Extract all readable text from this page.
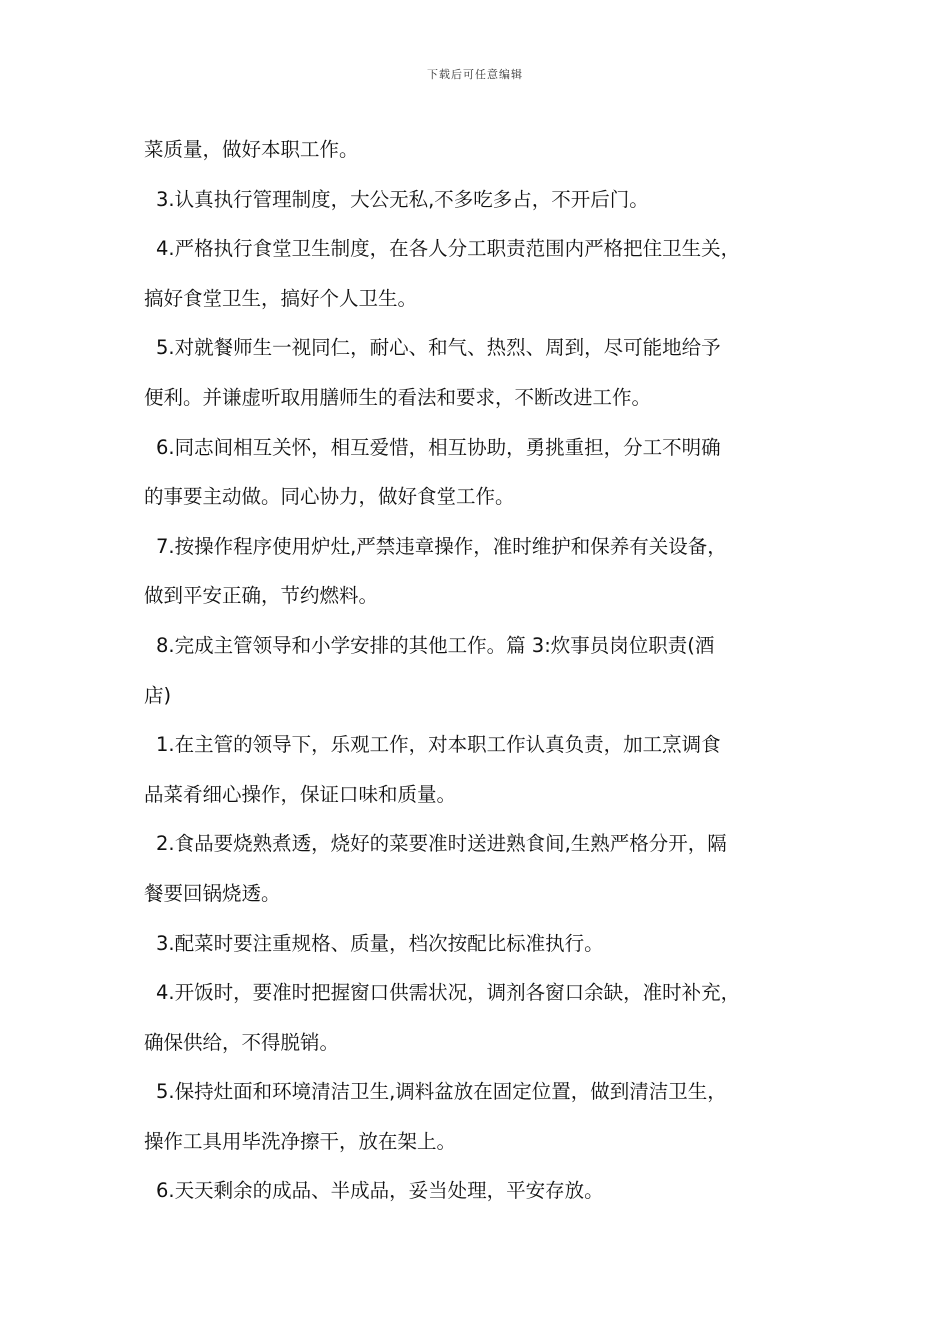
下载后可任意编辑
菜质量，做好本职工作。
3.认真执行管理制度，大公无私,不多吃多占，不开后门。
4.严格执行食堂卫生制度，在各人分工职责范围内严格把住卫生关，
搞好食堂卫生，搞好个人卫生。
5.对就餐师生一视同仁，耐心、和气、热烈、周到，尽可能地给予
便利。并谦虚听取用膳师生的看法和要求，不断改进工作。
6.同志间相互关怀，相互爱惜，相互协助，勇挑重担，分工不明确
的事要主动做。同心协力，做好食堂工作。
7.按操作程序使用炉灶,严禁违章操作，准时维护和保养有关设备，
做到平安正确，节约燃料。
8.完成主管领导和小学安排的其他工作。篇 3:炊事员岗位职责(酒
店)
1.在主管的领导下，乐观工作，对本职工作认真负责，加工烹调食
品菜肴细心操作，保证口味和质量。
2.食品要烧熟煮透，烧好的菜要准时送进熟食间,生熟严格分开，隔
餐要回锅烧透。
3.配菜时要注重规格、质量，档次按配比标准执行。
4.开饭时，要准时把握窗口供需状况，调剂各窗口余缺，准时补充，
确保供给，不得脱销。
5.保持灶面和环境清洁卫生,调料盆放在固定位置，做到清洁卫生，
操作工具用毕洗净擦干，放在架上。
6.天天剩余的成品、半成品，妥当处理，平安存放。
